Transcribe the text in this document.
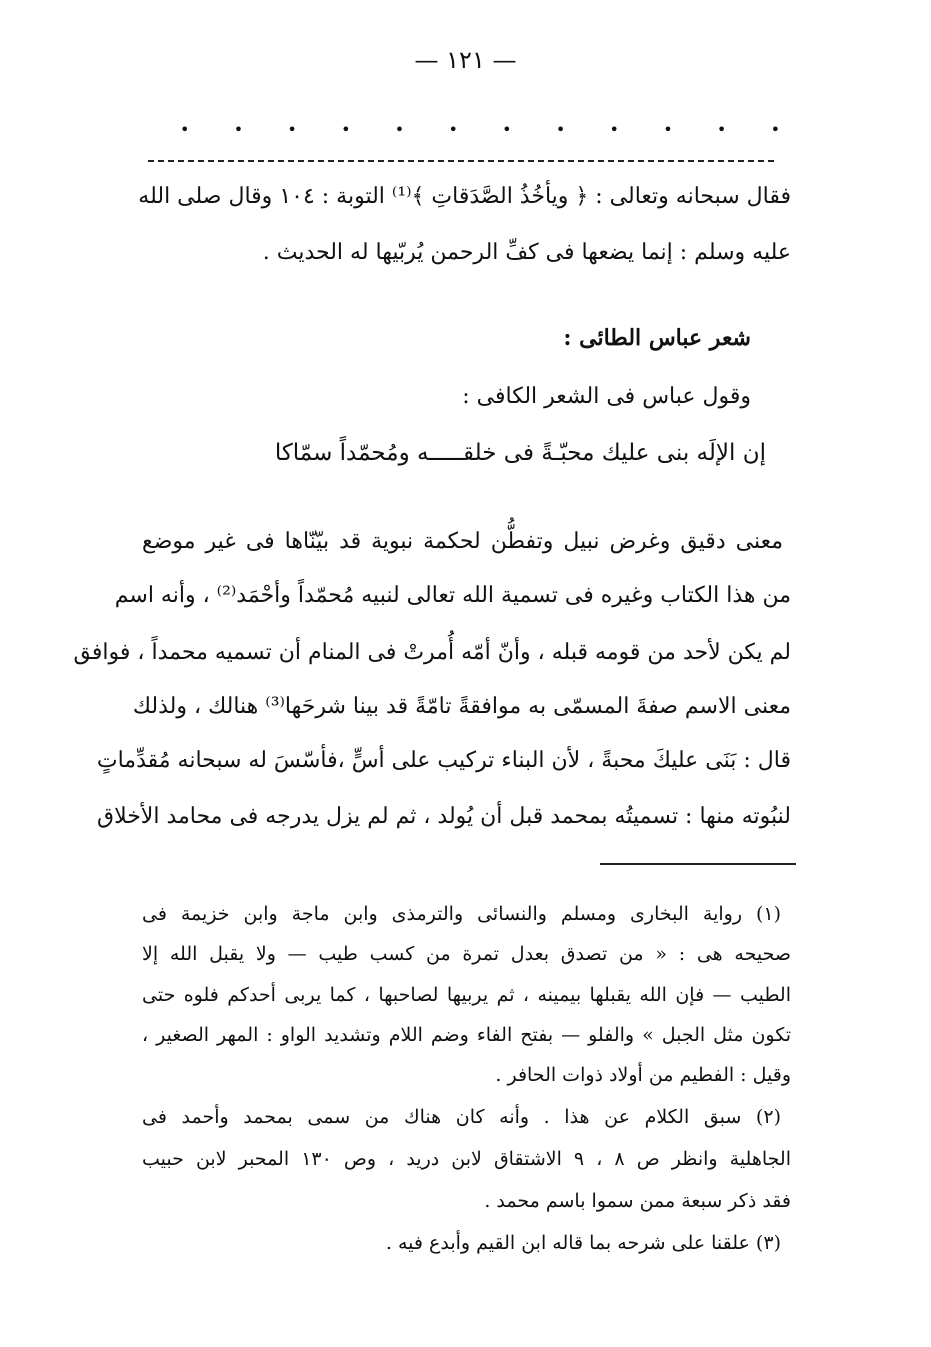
— ١٢١ —
•	•	•	•	•	•	•	•	•	•	•	•
فقال سبحانه وتعالى : ﴿ ويأخُذُ الصَّدَقاتِ ﴾⁽¹⁾ التوبة : ١٠٤ وقال صلى الله
عليه وسلم : إنما يضعها فى كفِّ الرحمن يُربّيها له الحديث .
شعر عباس الطائى :
وقول عباس فى الشعر الكافى :
إن الإلَه بنى عليك محبّـةً فى خلقـــــه ومُحمّداً سمّاكا
معنى دقيق وغرض نبيل وتفطُّن لحكمة نبوية قد بيّنّاها فى غير موضع
من هذا الكتاب وغيره فى تسمية الله تعالى لنبيه مُحمّداً وأحْمَد⁽²⁾ ، وأنه اسم
لم يكن لأحد من قومه قبله ، وأنّ أمّه أُمرتْ فى المنام أن تسميه محمداً ، فوافق
معنى الاسم صفةَ المسمّى به موافقةً تامّةً قد بينا شرحَها⁽³⁾ هنالك ، ولذلك
قال : بَنَى عليكَ محبةً ، لأن البناء تركيب على أسٍّ ،فأسّسَ له سبحانه مُقدِّماتٍ
لنبُوته منها : تسميتُه بمحمد قبل أن يُولد ، ثم لم يزل يدرجه فى محامد الأخلاق
(١) رواية البخارى ومسلم والنسائى والترمذى وابن ماجة وابن خزيمة فى
صحيحه هى : « من تصدق بعدل تمرة من كسب طيب — ولا يقبل الله إلا
الطيب — فإن الله يقبلها بيمينه ، ثم يربيها لصاحبها ، كما يربى أحدكم فلوه حتى
تكون مثل الجبل » والفلو — بفتح الفاء وضم اللام وتشديد الواو : المهر الصغير ،
وقيل : الفطيم من أولاد ذوات الحافر .
(٢) سبق الكلام عن هذا . وأنه كان هناك من سمى بمحمد وأحمد فى
الجاهلية وانظر ص ٨ ، ٩ الاشتقاق لابن دريد ، وص ١٣٠ المحبر لابن حبيب
فقد ذكر سبعة ممن سموا باسم محمد .
(٣) علقنا على شرحه بما قاله ابن القيم وأبدع فيه .
